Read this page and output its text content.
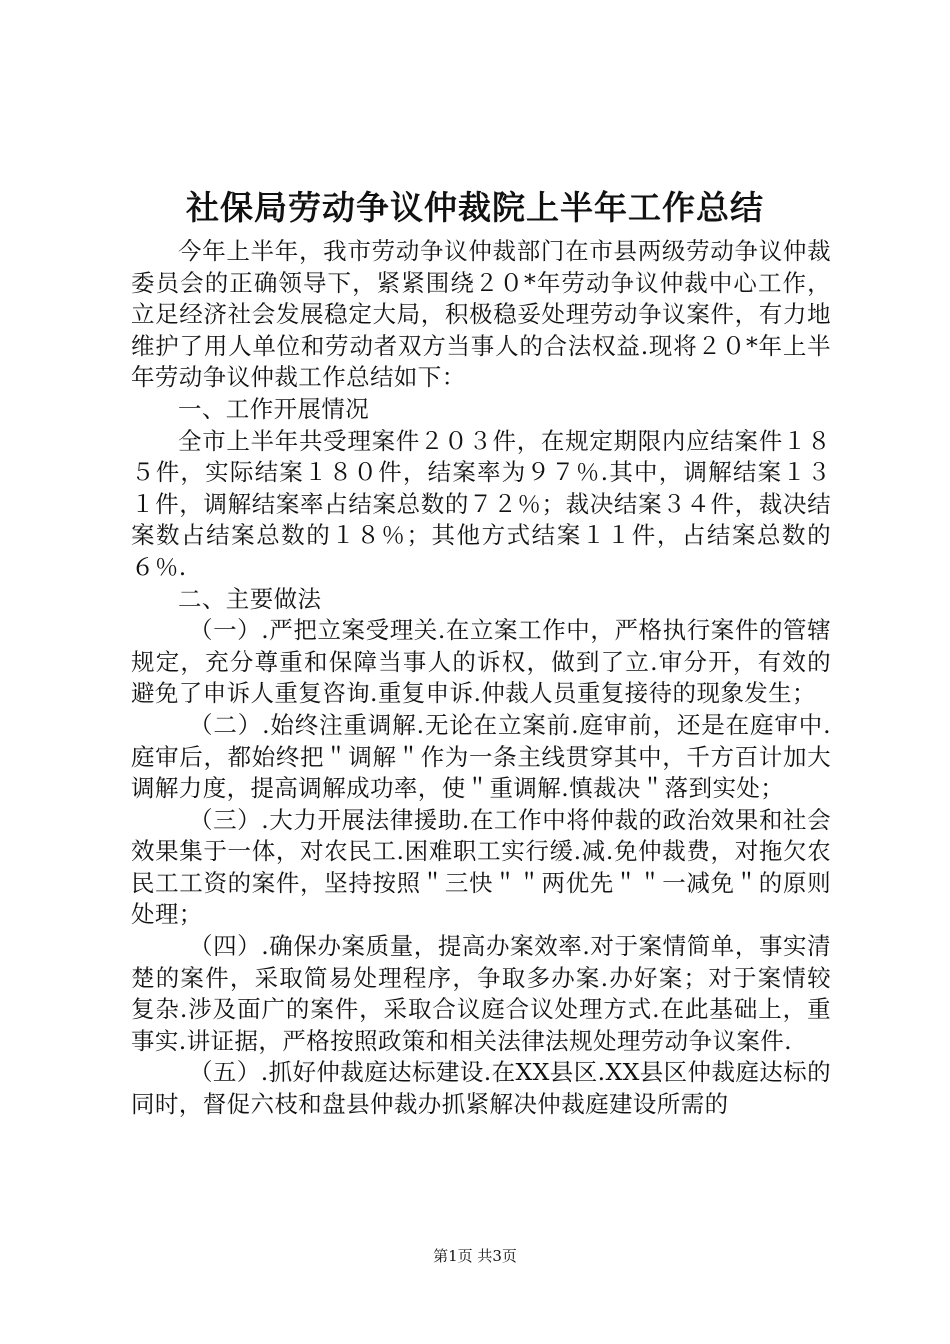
社保局劳动争议仲裁院上半年工作总结

今年上半年，我市劳动争议仲裁部门在市县两级劳动争议仲裁委员会的正确领导下，紧紧围绕２０*年劳动争议仲裁中心工作，立足经济社会发展稳定大局，积极稳妥处理劳动争议案件，有力地维护了用人单位和劳动者双方当事人的合法权益.现将２０*年上半年劳动争议仲裁工作总结如下：

一、工作开展情况

全市上半年共受理案件２０３件，在规定期限内应结案件１８５件，实际结案１８０件，结案率为９７％.其中，调解结案１３１件，调解结案率占结案总数的７２％；裁决结案３４件，裁决结案数占结案总数的１８％；其他方式结案１１件，占结案总数的６％.

二、主要做法

（一）.严把立案受理关.在立案工作中，严格执行案件的管辖规定，充分尊重和保障当事人的诉权，做到了立.审分开，有效的避免了申诉人重复咨询.重复申诉.仲裁人员重复接待的现象发生；

（二）.始终注重调解.无论在立案前.庭审前，还是在庭审中.庭审后，都始终把＂调解＂作为一条主线贯穿其中，千方百计加大调解力度，提高调解成功率，使＂重调解.慎裁决＂落到实处；

（三）.大力开展法律援助.在工作中将仲裁的政治效果和社会效果集于一体，对农民工.困难职工实行缓.减.免仲裁费，对拖欠农民工工资的案件，坚持按照＂三快＂＂两优先＂＂一减免＂的原则处理；

（四）.确保办案质量，提高办案效率.对于案情简单，事实清楚的案件，采取简易处理程序，争取多办案.办好案；对于案情较复杂.涉及面广的案件，采取合议庭合议处理方式.在此基础上，重事实.讲证据，严格按照政策和相关法律法规处理劳动争议案件.

（五）.抓好仲裁庭达标建设.在XX县区.XX县区仲裁庭达标的同时，督促六枝和盘县仲裁办抓紧解决仲裁庭建设所需的

第1页 共3页
